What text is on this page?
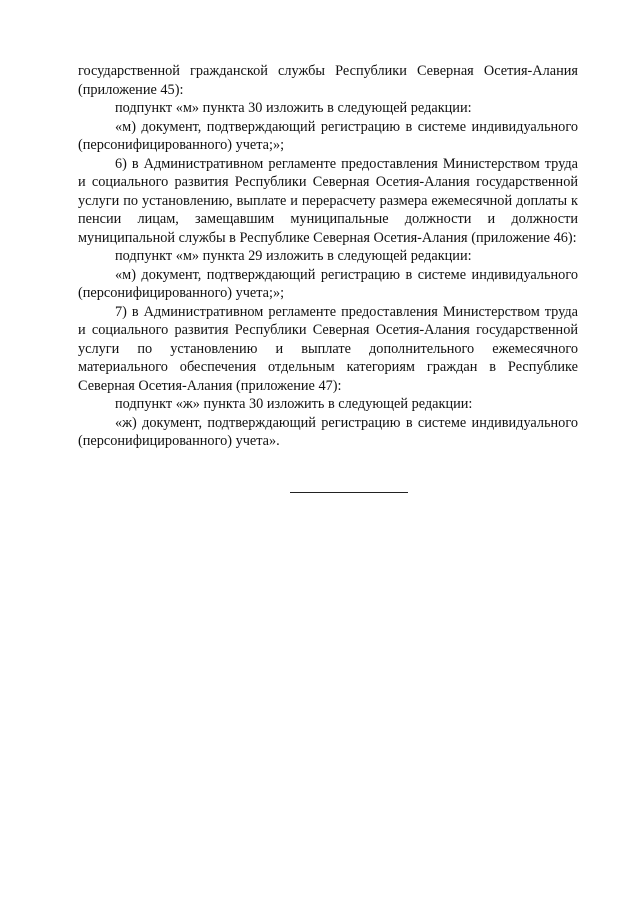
государственной гражданской службы Республики Северная Осетия-Алания (приложение 45):

подпункт «м» пункта 30 изложить в следующей редакции:

«м) документ, подтверждающий регистрацию в системе индивидуального (персонифицированного) учета;»;

6) в Административном регламенте предоставления Министерством труда и социального развития Республики Северная Осетия-Алания государственной услуги по установлению, выплате и перерасчету размера ежемесячной доплаты к пенсии лицам, замещавшим муниципальные должности и должности муниципальной службы в Республике Северная Осетия-Алания (приложение 46):

подпункт «м» пункта 29 изложить в следующей редакции:

«м) документ, подтверждающий регистрацию в системе индивидуального (персонифицированного) учета;»;

7) в Административном регламенте предоставления Министерством труда и социального развития Республики Северная Осетия-Алания государственной услуги по установлению и выплате дополнительного ежемесячного материального обеспечения отдельным категориям граждан в Республике Северная Осетия-Алания (приложение 47):

подпункт «ж» пункта 30 изложить в следующей редакции:

«ж) документ, подтверждающий регистрацию в системе индивидуального (персонифицированного) учета».
